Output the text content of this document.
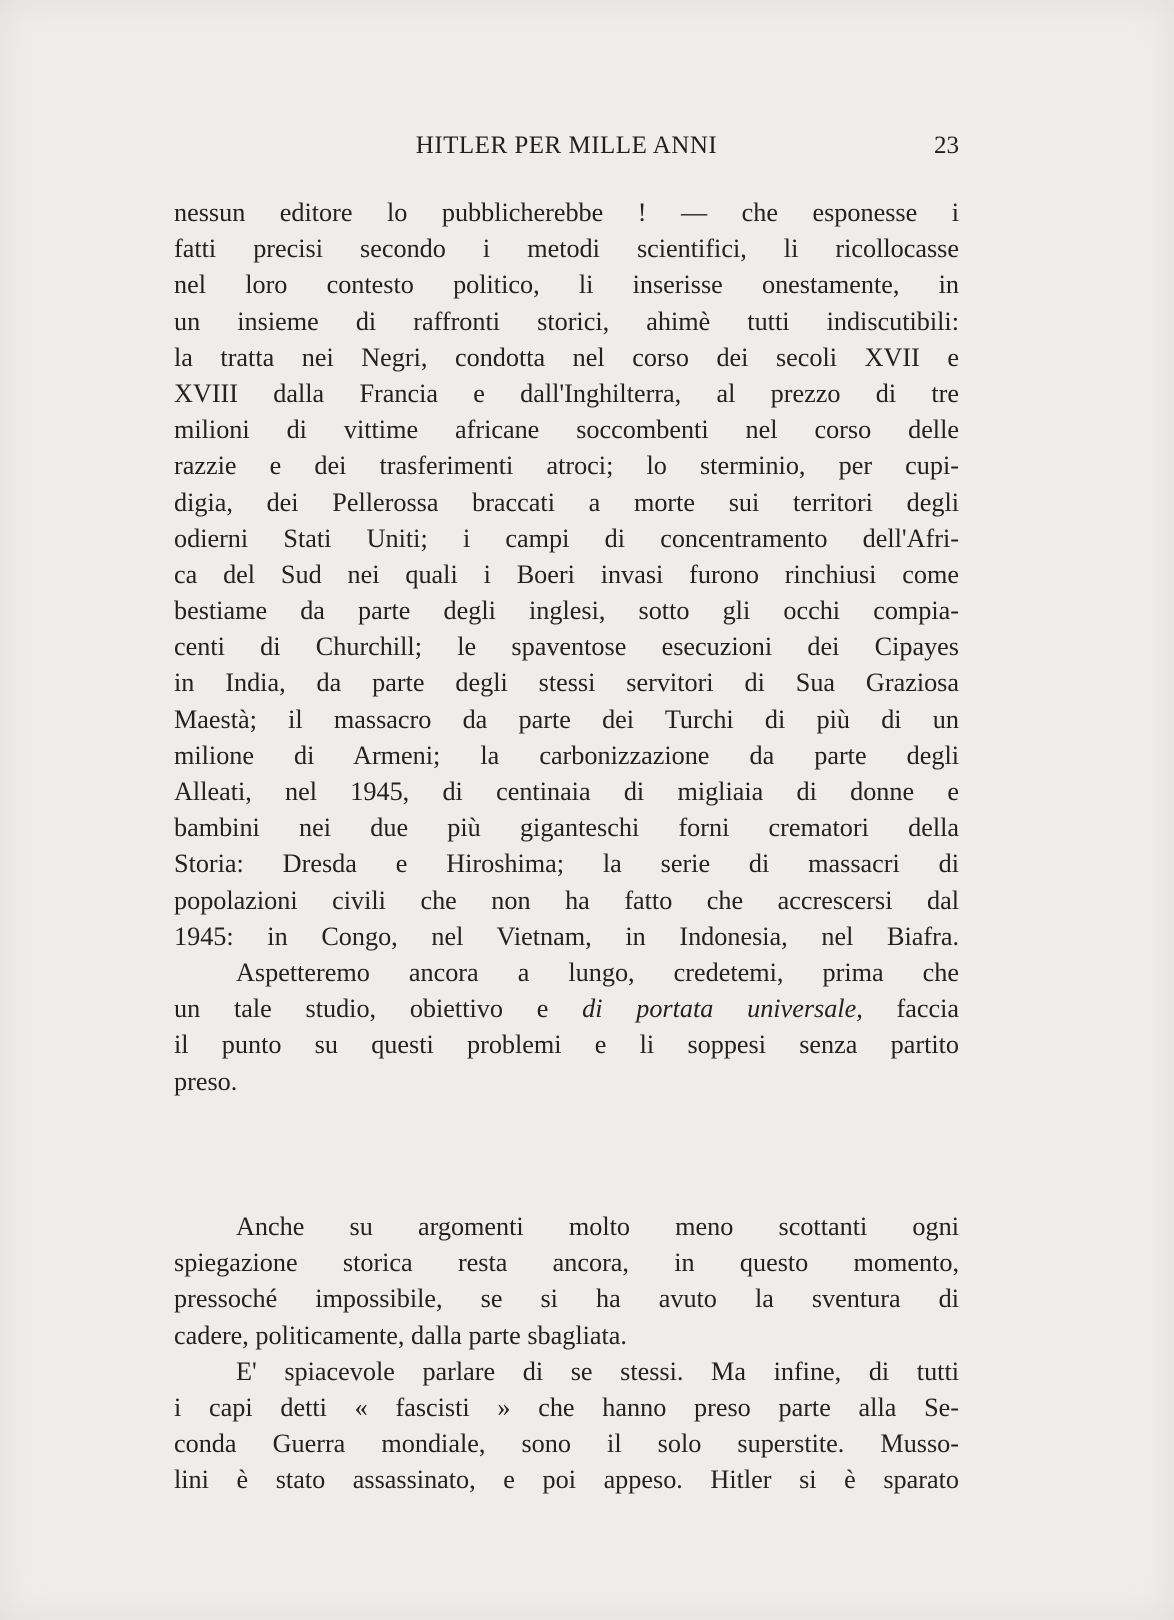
HITLER PER MILLE ANNI	23
nessun editore lo pubblicherebbe ! — che esponesse i
fatti precisi secondo i metodi scientifici, li ricollocasse
nel loro contesto politico, li inserisse onestamente, in
un insieme di raffronti storici, ahimè tutti indiscutibili:
la tratta nei Negri, condotta nel corso dei secoli XVII e
XVIII dalla Francia e dall'Inghilterra, al prezzo di tre
milioni di vittime africane soccombenti nel corso delle
razzie e dei trasferimenti atroci; lo sterminio, per cupi-
digia, dei Pellerossa braccati a morte sui territori degli
odierni Stati Uniti; i campi di concentramento dell'Afri-
ca del Sud nei quali i Boeri invasi furono rinchiusi come
bestiame da parte degli inglesi, sotto gli occhi compia-
centi di Churchill; le spaventose esecuzioni dei Cipayes
in India, da parte degli stessi servitori di Sua Graziosa
Maestà; il massacro da parte dei Turchi di più di un
milione di Armeni; la carbonizzazione da parte degli
Alleati, nel 1945, di centinaia di migliaia di donne e
bambini nei due più giganteschi forni crematori della
Storia: Dresda e Hiroshima; la serie di massacri di
popolazioni civili che non ha fatto che accrescersi dal
1945: in Congo, nel Vietnam, in Indonesia, nel Biafra.
Aspetteremo ancora a lungo, credetemi, prima che
un tale studio, obiettivo e di portata universale, faccia
il punto su questi problemi e li soppesi senza partito
preso.
Anche su argomenti molto meno scottanti ogni
spiegazione storica resta ancora, in questo momento,
pressoché impossibile, se si ha avuto la sventura di
cadere, politicamente, dalla parte sbagliata.
E' spiacevole parlare di se stessi. Ma infine, di tutti
i capi detti « fascisti » che hanno preso parte alla Se-
conda Guerra mondiale, sono il solo superstite. Musso-
lini è stato assassinato, e poi appeso. Hitler si è sparato
